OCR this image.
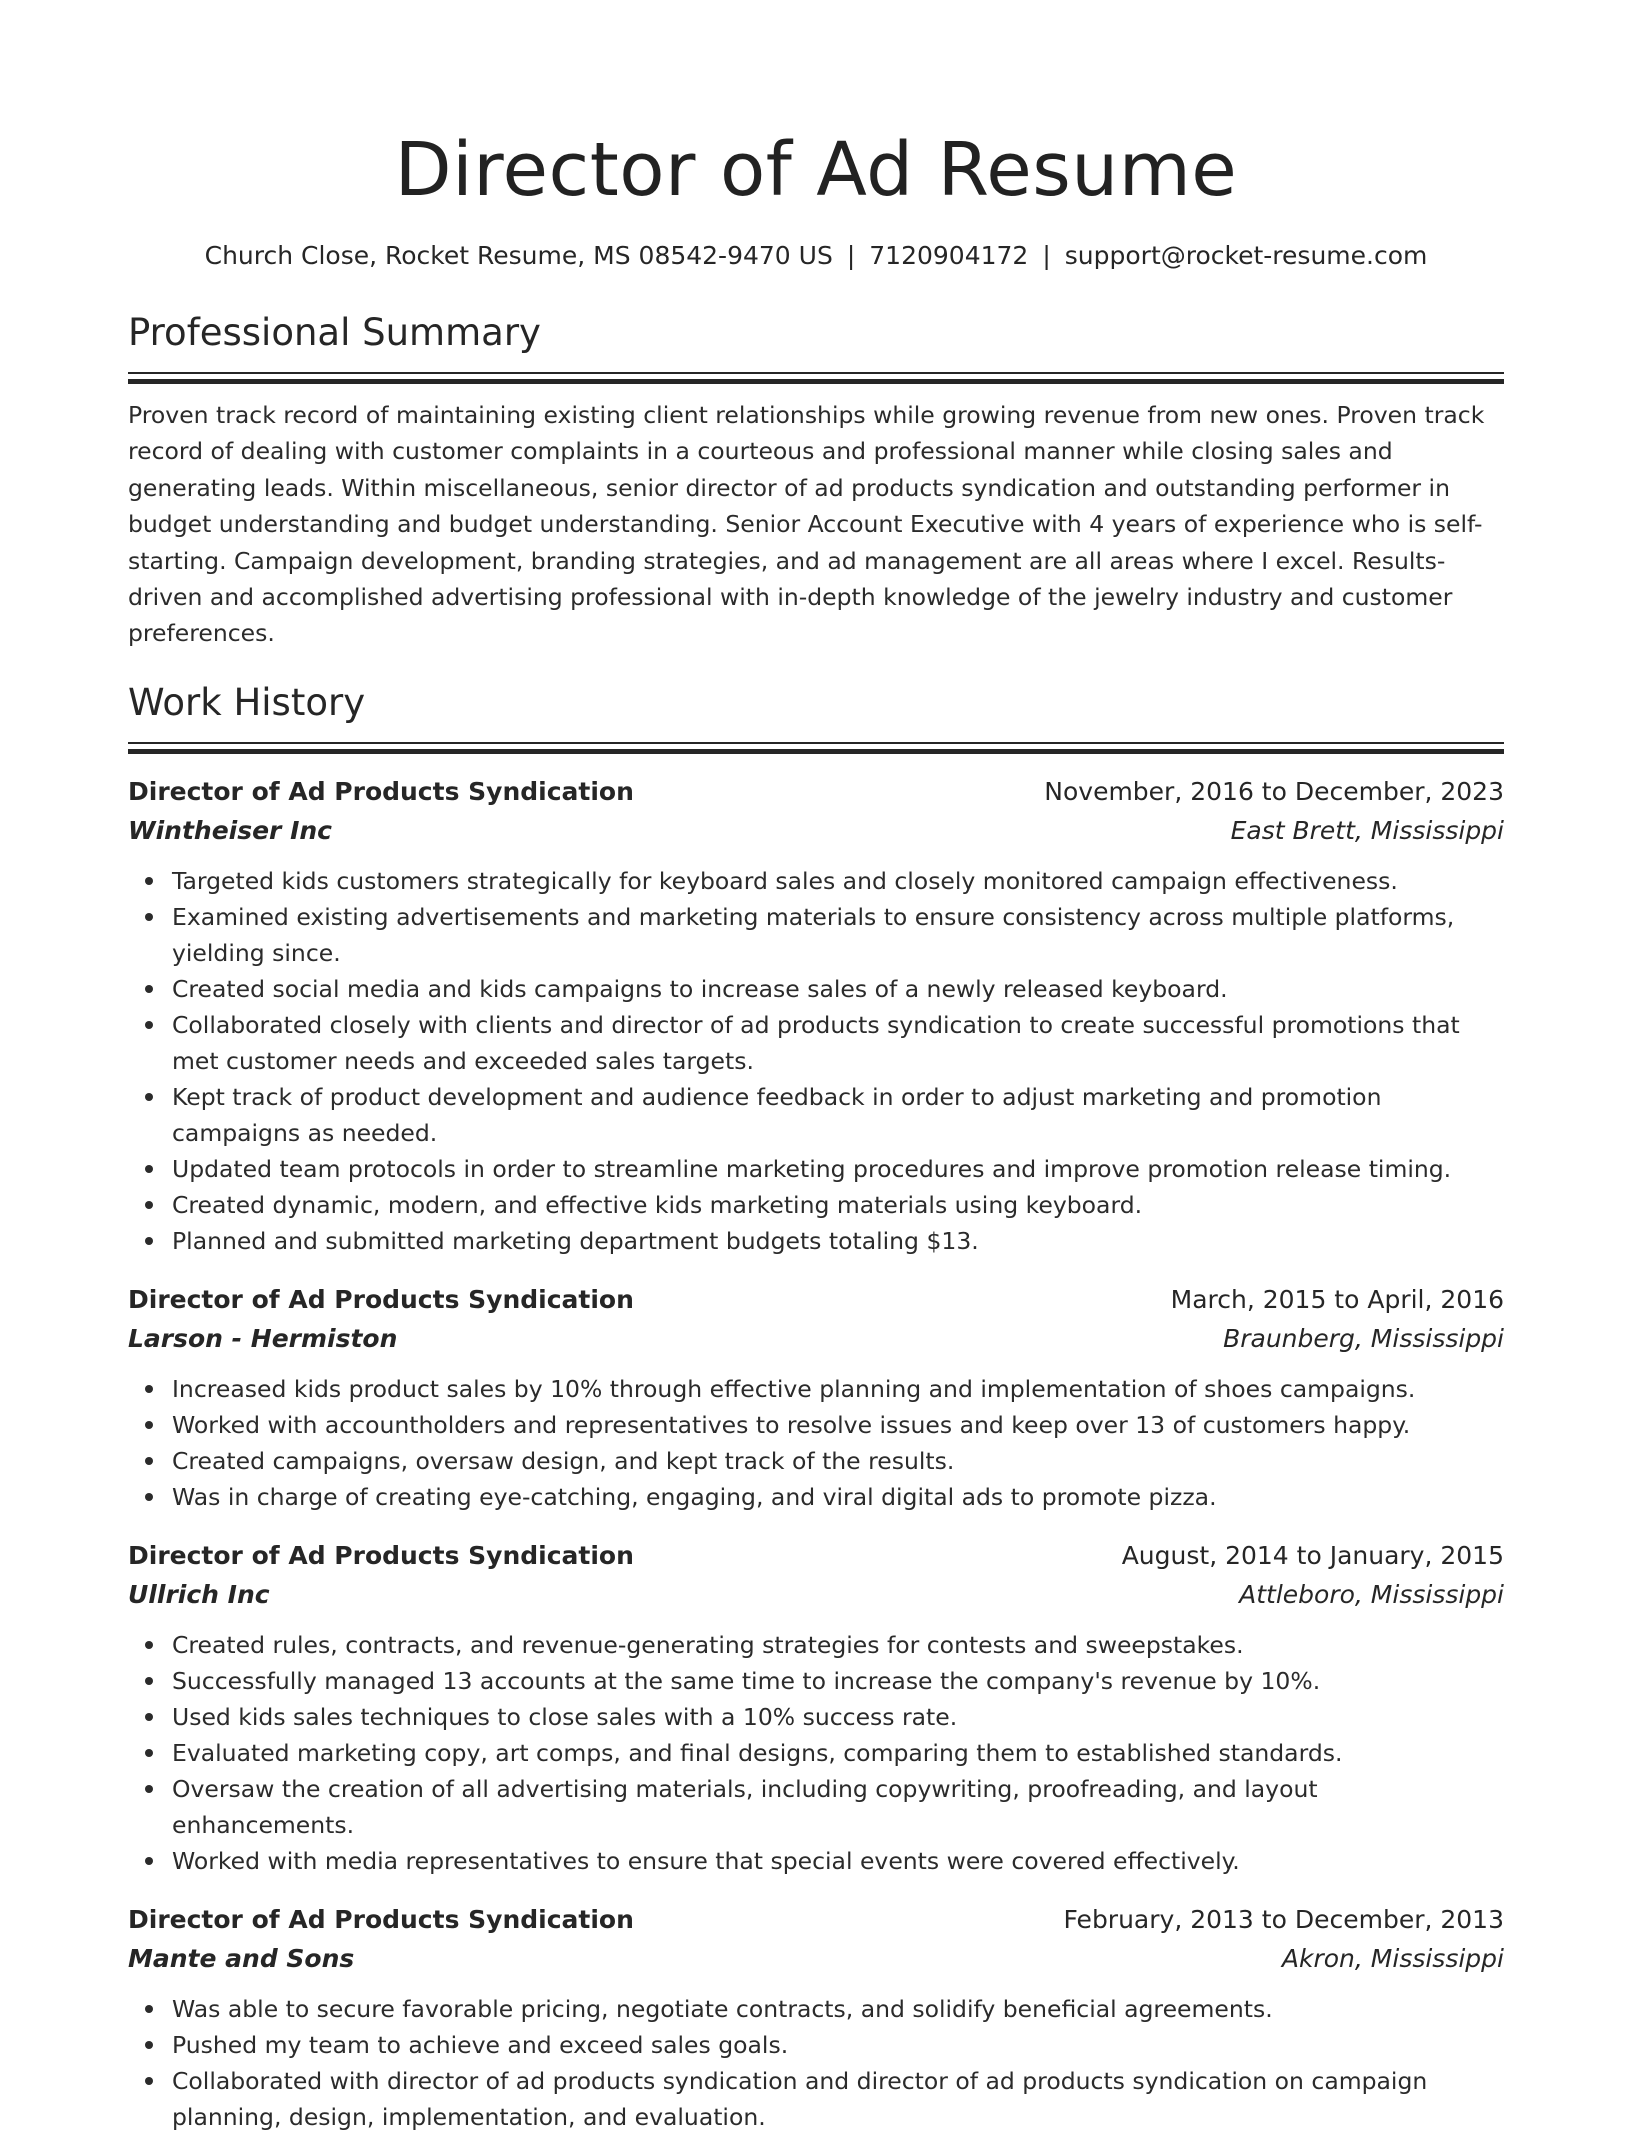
Director of Ad Resume
Church Close, Rocket Resume, MS 08542-9470 US | 7120904172 | support@rocket-resume.com
Professional Summary

Proven track record of maintaining existing client relationships while growing revenue from new ones. Proven track record of dealing with customer complaints in a courteous and professional manner while closing sales and generating leads. Within miscellaneous, senior director of ad products syndication and outstanding performer in budget understanding and budget understanding. Senior Account Executive with 4 years of experience who is self-starting. Campaign development, branding strategies, and ad management are all areas where I excel. Results-driven and accomplished advertising professional with in-depth knowledge of the jewelry industry and customer preferences.

Work History
Director of Ad Products Syndication	November, 2016 to December, 2023
Wintheiser Inc	East Brett, Mississippi
Targeted kids customers strategically for keyboard sales and closely monitored campaign effectiveness.
Examined existing advertisements and marketing materials to ensure consistency across multiple platforms, yielding since.
Created social media and kids campaigns to increase sales of a newly released keyboard.
Collaborated closely with clients and director of ad products syndication to create successful promotions that met customer needs and exceeded sales targets.
Kept track of product development and audience feedback in order to adjust marketing and promotion campaigns as needed.
Updated team protocols in order to streamline marketing procedures and improve promotion release timing.
Created dynamic, modern, and effective kids marketing materials using keyboard.
Planned and submitted marketing department budgets totaling $13.
Director of Ad Products Syndication	March, 2015 to April, 2016
Larson - Hermiston	Braunberg, Mississippi
Increased kids product sales by 10% through effective planning and implementation of shoes campaigns.
Worked with accountholders and representatives to resolve issues and keep over 13 of customers happy.
Created campaigns, oversaw design, and kept track of the results.
Was in charge of creating eye-catching, engaging, and viral digital ads to promote pizza.
Director of Ad Products Syndication	August, 2014 to January, 2015
Ullrich Inc	Attleboro, Mississippi
Created rules, contracts, and revenue-generating strategies for contests and sweepstakes.
Successfully managed 13 accounts at the same time to increase the company's revenue by 10%.
Used kids sales techniques to close sales with a 10% success rate.
Evaluated marketing copy, art comps, and final designs, comparing them to established standards.
Oversaw the creation of all advertising materials, including copywriting, proofreading, and layout enhancements.
Worked with media representatives to ensure that special events were covered effectively.
Director of Ad Products Syndication	February, 2013 to December, 2013
Mante and Sons	Akron, Mississippi
Was able to secure favorable pricing, negotiate contracts, and solidify beneficial agreements.
Pushed my team to achieve and exceed sales goals.
Collaborated with director of ad products syndication and director of ad products syndication on campaign planning, design, implementation, and evaluation.
